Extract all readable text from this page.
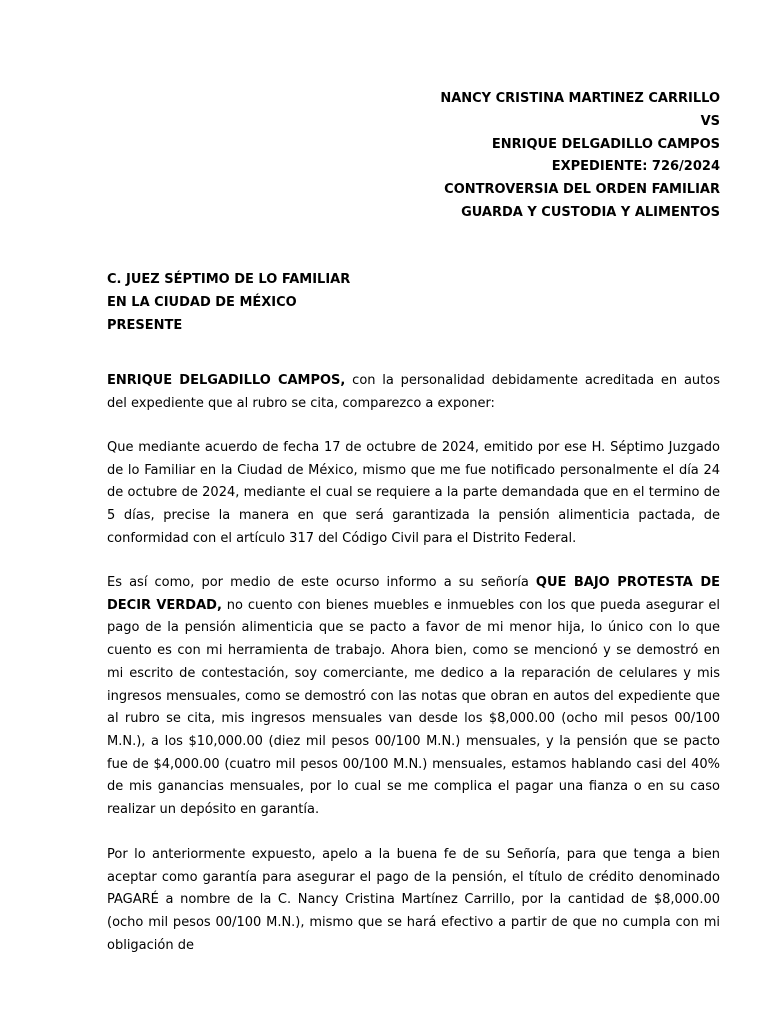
NANCY CRISTINA MARTINEZ CARRILLO
VS
ENRIQUE DELGADILLO CAMPOS
EXPEDIENTE: 726/2024
CONTROVERSIA DEL ORDEN FAMILIAR
GUARDA Y CUSTODIA Y ALIMENTOS
C. JUEZ SÉPTIMO DE LO FAMILIAR
EN LA CIUDAD DE MÉXICO
PRESENTE

ENRIQUE DELGADILLO CAMPOS, con la personalidad debidamente acreditada en autos del expediente que al rubro se cita, comparezco a exponer:

Que mediante acuerdo de fecha 17 de octubre de 2024, emitido por ese H. Séptimo Juzgado de lo Familiar en la Ciudad de México, mismo que me fue notificado personalmente el día 24 de octubre de 2024, mediante el cual se requiere a la parte demandada que en el termino de 5 días, precise la manera en que será garantizada la pensión alimenticia pactada, de conformidad con el artículo 317 del Código Civil para el Distrito Federal.

Es así como, por medio de este ocurso informo a su señoría QUE BAJO PROTESTA DE DECIR VERDAD, no cuento con bienes muebles e inmuebles con los que pueda asegurar el pago de la pensión alimenticia que se pacto a favor de mi menor hija, lo único con lo que cuento es con mi herramienta de trabajo. Ahora bien, como se mencionó y se demostró en mi escrito de contestación, soy comerciante, me dedico a la reparación de celulares y mis ingresos mensuales, como se demostró con las notas que obran en autos del expediente que al rubro se cita, mis ingresos mensuales van desde los $8,000.00 (ocho mil pesos 00/100 M.N.), a los $10,000.00 (diez mil pesos 00/100 M.N.) mensuales, y la pensión que se pacto fue de $4,000.00 (cuatro mil pesos 00/100 M.N.) mensuales, estamos hablando casi del 40% de mis ganancias mensuales, por lo cual se me complica el pagar una fianza o en su caso realizar un depósito en garantía.

Por lo anteriormente expuesto, apelo a la buena fe de su Señoría, para que tenga a bien aceptar como garantía para asegurar el pago de la pensión, el título de crédito denominado PAGARÉ a nombre de la C. Nancy Cristina Martínez Carrillo, por la cantidad de $8,000.00 (ocho mil pesos 00/100 M.N.), mismo que se hará efectivo a partir de que no cumpla con mi obligación de
